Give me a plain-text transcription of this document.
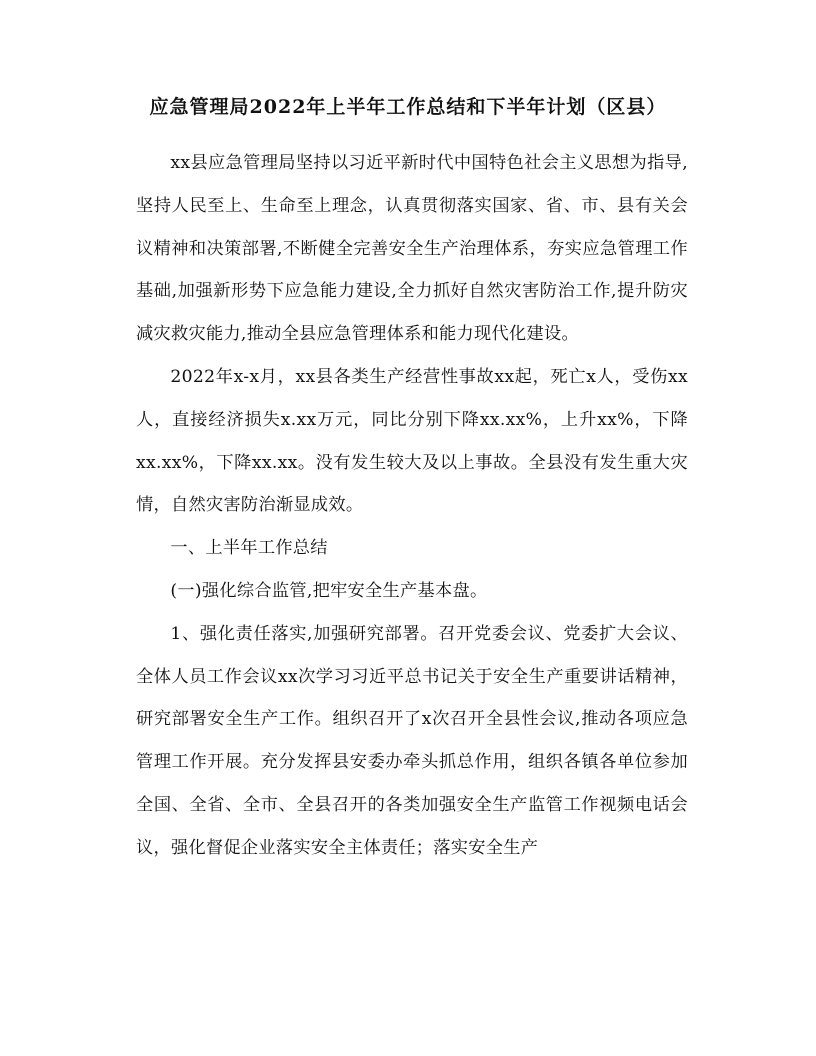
应急管理局2022年上半年工作总结和下半年计划（区县）

xx县应急管理局坚持以习近平新时代中国特色社会主义思想为指导,坚持人民至上、生命至上理念，认真贯彻落实国家、省、市、县有关会议精神和决策部署,不断健全完善安全生产治理体系，夯实应急管理工作基础,加强新形势下应急能力建设,全力抓好自然灾害防治工作,提升防灾减灾救灾能力,推动全县应急管理体系和能力现代化建设。

2022年x-x月，xx县各类生产经营性事故xx起，死亡x人，受伤xx人，直接经济损失x.xx万元，同比分别下降xx.xx%，上升xx%，下降xx.xx%，下降xx.xx。没有发生较大及以上事故。全县没有发生重大灾情，自然灾害防治渐显成效。

一、上半年工作总结

(一)强化综合监管,把牢安全生产基本盘。

1、强化责任落实,加强研究部署。召开党委会议、党委扩大会议、全体人员工作会议xx次学习习近平总书记关于安全生产重要讲话精神，研究部署安全生产工作。组织召开了x次召开全县性会议,推动各项应急管理工作开展。充分发挥县安委办牵头抓总作用，组织各镇各单位参加全国、全省、全市、全县召开的各类加强安全生产监管工作视频电话会议，强化督促企业落实安全主体责任；落实安全生产
